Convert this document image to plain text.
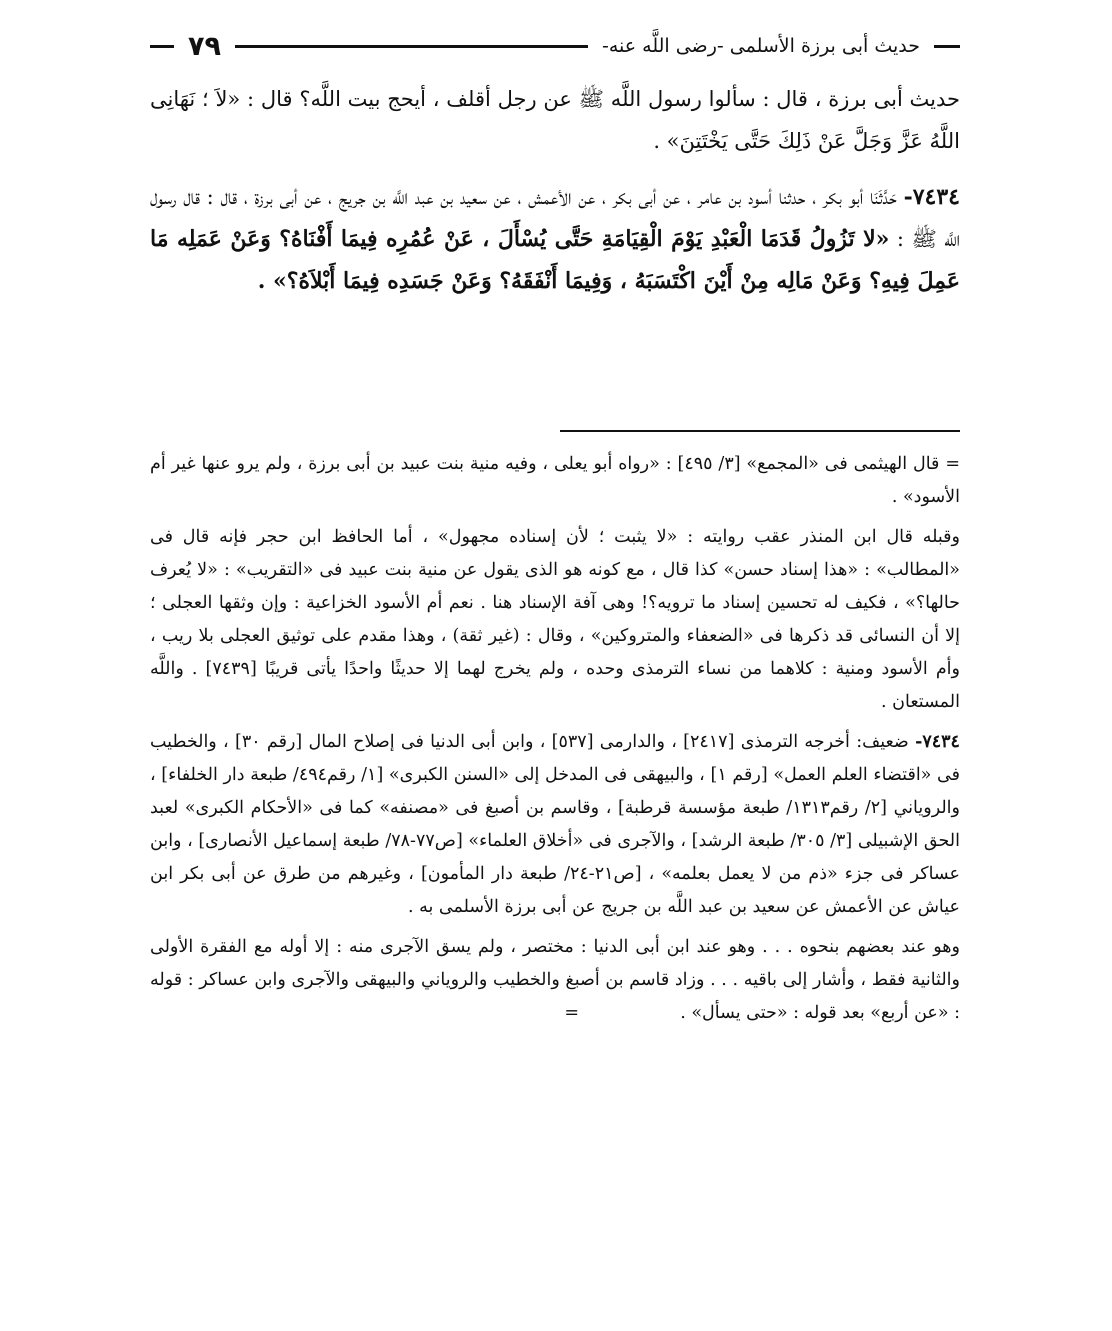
٧٩	حديث أبى برزة الأسلمى -رضى اللَّه عنه-

حديث أبى برزة ، قال : سألوا رسول اللَّه ﷺ عن رجل أقلف ، أيحج بيت اللَّه؟ قال : «لاَ ؛ نَهَانِى اللَّهُ عَزَّ وَجَلَّ عَنْ ذَلِكَ حَتَّى يَخْتَتِنَ» .

٧٤٣٤- حَدَّثَنَا أبو بكر ، حدثنا أسود بن عامر ، عن أبى بكر ، عن الأعمش ، عن سعيد بن عبد اللَّه بن جريج ، عن أبى برزة ، قال : قال رسول اللَّه ﷺ : «لا تَزُولُ قَدَمَا الْعَبْدِ يَوْمَ الْقِيَامَةِ حَتَّى يُسْأَلَ ، عَنْ عُمُرِه فِيمَا أَفْنَاهُ؟ وَعَنْ عَمَلِه مَا عَمِلَ فِيهِ؟ وَعَنْ مَالِه مِنْ أَيْنَ اكْتَسَبَهُ ، وَفِيمَا أَنْفَقَهُ؟ وَعَنْ جَسَدِه فِيمَا أَبْلاَهُ؟» .

= قال الهيثمى فى «المجمع» [٣/ ٤٩٥] : «رواه أبو يعلى ، وفيه منية بنت عبيد بن أبى برزة ، ولم يرو عنها غير أم الأسود» .

وقبله قال ابن المنذر عقب روايته : «لا يثبت ؛ لأن إسناده مجهول» ، أما الحافظ ابن حجر فإنه قال فى «المطالب» : «هذا إسناد حسن» كذا قال ، مع كونه هو الذى يقول عن منية بنت عبيد فى «التقريب» : «لا يُعرف حالها؟» ، فكيف له تحسين إسناد ما ترويه؟! وهى آفة الإسناد هنا . نعم أم الأسود الخزاعية : وإن وثقها العجلى ؛ إلا أن النسائى قد ذكرها فى «الضعفاء والمتروكين» ، وقال : (غير ثقة) ، وهذا مقدم على توثيق العجلى بلا ريب ، وأم الأسود ومنية : كلاهما من نساء الترمذى وحده ، ولم يخرج لهما إلا حديثًا واحدًا يأتى قريبًا [٧٤٣٩] . واللَّه المستعان .

٧٤٣٤- ضعيف: أخرجه الترمذى [٢٤١٧] ، والدارمى [٥٣٧] ، وابن أبى الدنيا فى إصلاح المال [رقم ٣٠] ، والخطيب فى «اقتضاء العلم العمل» [رقم ١] ، والبيهقى فى المدخل إلى «السنن الكبرى» [١/ رقم٤٩٤/ طبعة دار الخلفاء] ، والروياني [٢/ رقم١٣١٣/ طبعة مؤسسة قرطبة] ، وقاسم بن أصبغ فى «مصنفه» كما فى «الأحكام الكبرى» لعبد الحق الإشبيلى [٣/ ٣٠٥/ طبعة الرشد] ، والآجرى فى «أخلاق العلماء» [ص٧٧-٧٨/ طبعة إسماعيل الأنصارى] ، وابن عساكر فى جزء «ذم من لا يعمل بعلمه» ، [ص٢١-٢٤/ طبعة دار المأمون] ، وغيرهم من طرق عن أبى بكر ابن عياش عن الأعمش عن سعيد بن عبد اللَّه بن جريج عن أبى برزة الأسلمى به .

وهو عند بعضهم بنحوه . . . وهو عند ابن أبى الدنيا : مختصر ، ولم يسق الآجرى منه : إلا أوله مع الفقرة الأولى والثانية فقط ، وأشار إلى باقيه . . . وزاد قاسم بن أصبغ والخطيب والروياني والبيهقى والآجرى وابن عساكر : قوله : «عن أربع» بعد قوله : «حتى يسأل» .  =
